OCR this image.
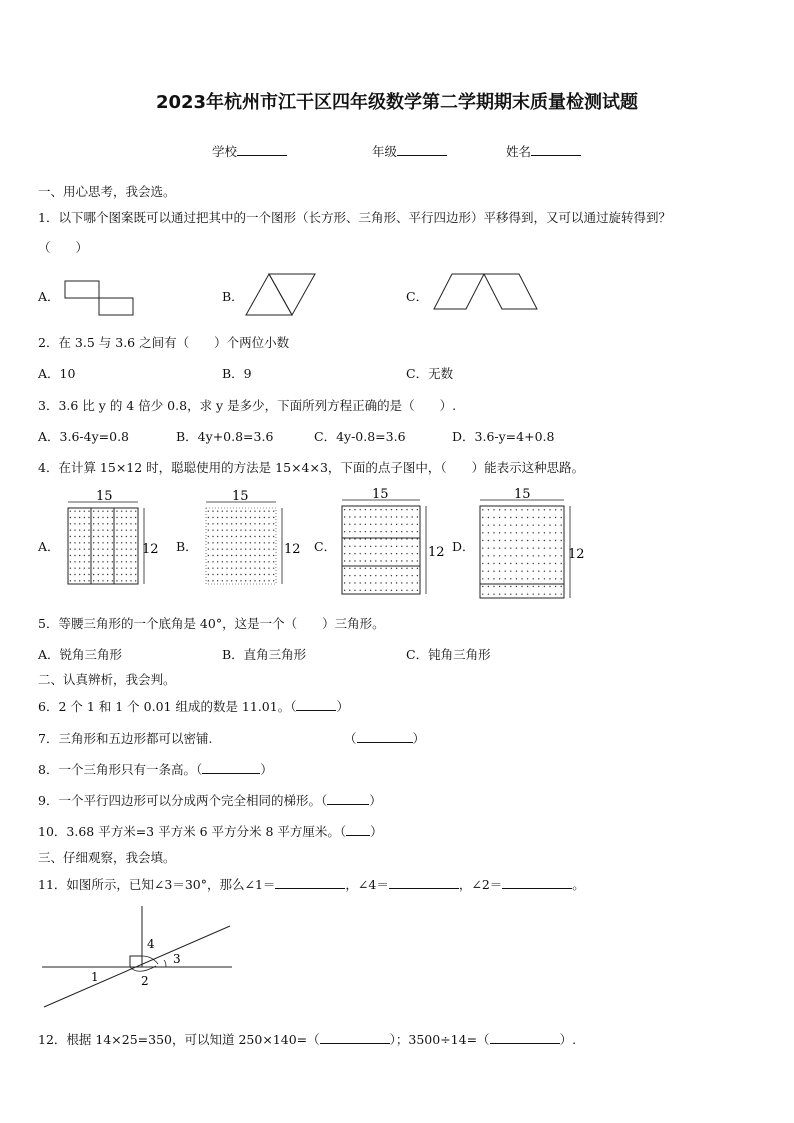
2023年杭州市江干区四年级数学第二学期期末质量检测试题
学校	年级	姓名
一、用心思考，我会选。
1．以下哪个图案既可以通过把其中的一个图形（长方形、三角形、平行四边形）平移得到，又可以通过旋转得到？
（　　）
A．	B．	C．
2．在 3.5 与 3.6 之间有（　　）个两位小数
A．10	B．9	C．无数
3．3.6 比 y 的 4 倍少 0.8，求 y 是多少，下面所列方程正确的是（　　）.
A．3.6-4y=0.8	B．4y+0.8=3.6	C．4y-0.8=3.6	D．3.6-y=4+0.8
4．在计算 15×12 时，聪聪使用的方法是 15×4×3，下面的点子图中，（　　）能表示这种思路。
A．
15
12 B．
15
12 C．
15
12 D．
15
12
5．等腰三角形的一个底角是 40°，这是一个（　　）三角形。
A．锐角三角形	B．直角三角形	C．钝角三角形
二、认真辨析，我会判。
6．2 个 1 和 1 个 0.01 组成的数是 11.01。（	）
7．三角形和五边形都可以密铺.	（	）
8．一个三角形只有一条高。（	）
9．一个平行四边形可以分成两个完全相同的梯形。（	）
10．3.68 平方米=3 平方米 6 平方分米 8 平方厘米。（ ）
三、仔细观察，我会填。
11．如图所示，已知∠3＝30°，那么∠1＝	，∠4＝	，∠2＝	。
1	2
3
4
12．根据 14×25=350，可以知道 250×140=（	）；3500÷14=（	）.
